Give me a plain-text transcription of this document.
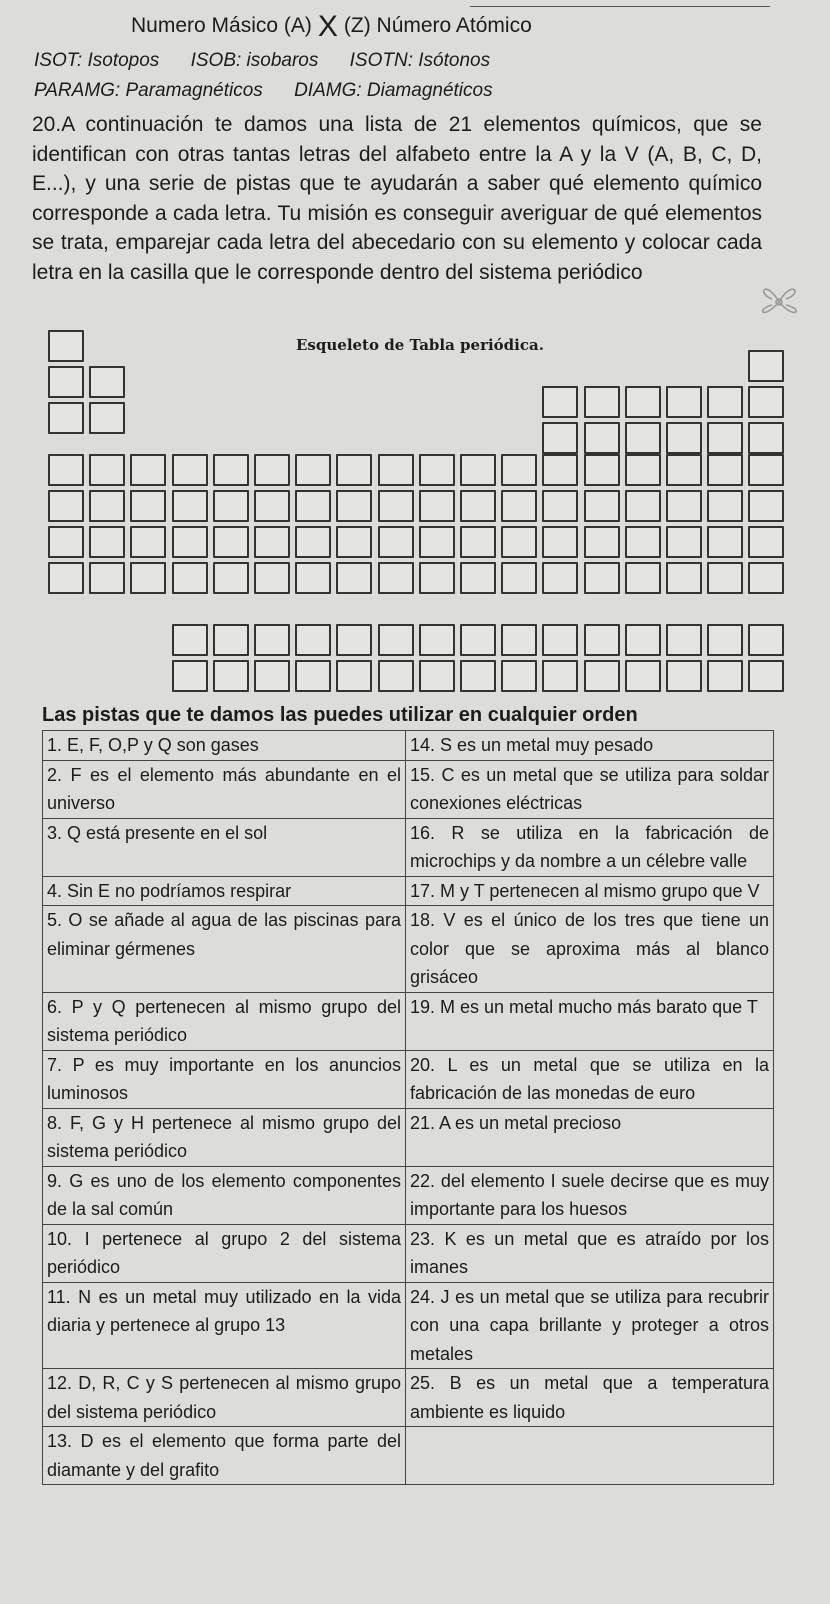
Numero Másico (A) X (Z) Número Atómico
ISOT: Isotopos ISOB: isobaros ISOTN: Isótonos
PARAMG: Paramagnéticos DIAMG: Diamagnéticos
20.A continuación te damos una lista de 21 elementos químicos, que se identifican con otras tantas letras del alfabeto entre la A y la V (A, B, C, D, E...), y una serie de pistas que te ayudarán a saber qué elemento químico corresponde a cada letra. Tu misión es conseguir averiguar de qué elementos se trata, emparejar cada letra del abecedario con su elemento y colocar cada letra en la casilla que le corresponde dentro del sistema periódico
Esqueleto de Tabla periódica.
Las pistas que te damos las puedes utilizar en cualquier orden
1. E, F, O,P y Q son gases	14. S es un metal muy pesado
2. F es el elemento más abundante en el universo	15. C es un metal que se utiliza para soldar conexiones eléctricas
3. Q está presente en el sol	16. R se utiliza en la fabricación de microchips y da nombre a un célebre valle
4. Sin E no podríamos respirar	17. M y T pertenecen al mismo grupo que V
5. O se añade al agua de las piscinas para eliminar gérmenes	18. V es el único de los tres que tiene un color que se aproxima más al blanco grisáceo
6. P y Q pertenecen al mismo grupo del sistema periódico	19. M es un metal mucho más barato que T
7. P es muy importante en los anuncios luminosos	20. L es un metal que se utiliza en la fabricación de las monedas de euro
8. F, G y H pertenece al mismo grupo del sistema periódico	21. A es un metal precioso
9. G es uno de los elemento componentes de la sal común	22. del elemento I suele decirse que es muy importante para los huesos
10. I pertenece al grupo 2 del sistema periódico	23. K es un metal que es atraído por los imanes
11. N es un metal muy utilizado en la vida diaria y pertenece al grupo 13	24. J es un metal que se utiliza para recubrir con una capa brillante y proteger a otros metales
12. D, R, C y S pertenecen al mismo grupo del sistema periódico	25. B es un metal que a temperatura ambiente es liquido
13. D es el elemento que forma parte del diamante y del grafito	
